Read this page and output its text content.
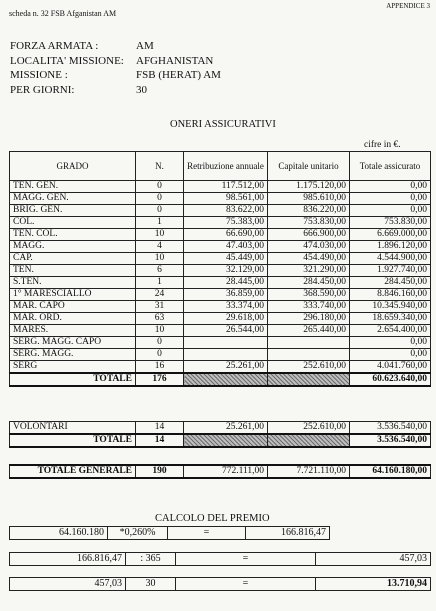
scheda n. 32 FSB Afganistan AM
APPENDICE 3
FORZA ARMATA :	AM
LOCALITA' MISSIONE: AFGHANISTAN
MISSIONE :	FSB (HERAT) AM
PER GIORNI:	30
ONERI ASSICURATIVI
cifre in €.
GRADO	N.	Retribuzione annuale	Capitale unitario	Totale assicurato
TEN. GEN.	0	117.512,00	1.175.120,00	0,00
MAGG. GEN.	0	98.561,00	985.610,00	0,00
BRIG. GEN.	0	83.622,00	836.220,00	0,00
COL.	1	75.383,00	753.830,00	753.830,00
TEN. COL.	10	66.690,00	666.900,00	6.669.000,00
MAGG.	4	47.403,00	474.030,00	1.896.120,00
CAP.	10	45.449,00	454.490,00	4.544.900,00
TEN.	6	32.129,00	321.290,00	1.927.740,00
S.TEN.	1	28.445,00	284.450,00	284.450,00
1° MARESCIALLO	24	36.859,00	368.590,00	8.846.160,00
MAR. CAPO	31	33.374,00	333.740,00	10.345.940,00
MAR. ORD.	63	29.618,00	296.180,00	18.659.340,00
MARES.	10	26.544,00	265.440,00	2.654.400,00
SERG. MAGG. CAPO	0			0,00
SERG. MAGG.	0			0,00
SERG	16	25.261,00	252.610,00	4.041.760,00
TOTALE	176			60.623.640,00
VOLONTARI	14	25.261,00	252.610,00	3.536.540,00
TOTALE	14			3.536.540,00
TOTALE GENERALE	190	772.111,00	7.721.110,00	64.160.180,00
CALCOLO DEL PREMIO
64.160.180	*0,260%	=	166.816,47
166.816,47	: 365	=	457,03
457,03	30	=	13.710,94
